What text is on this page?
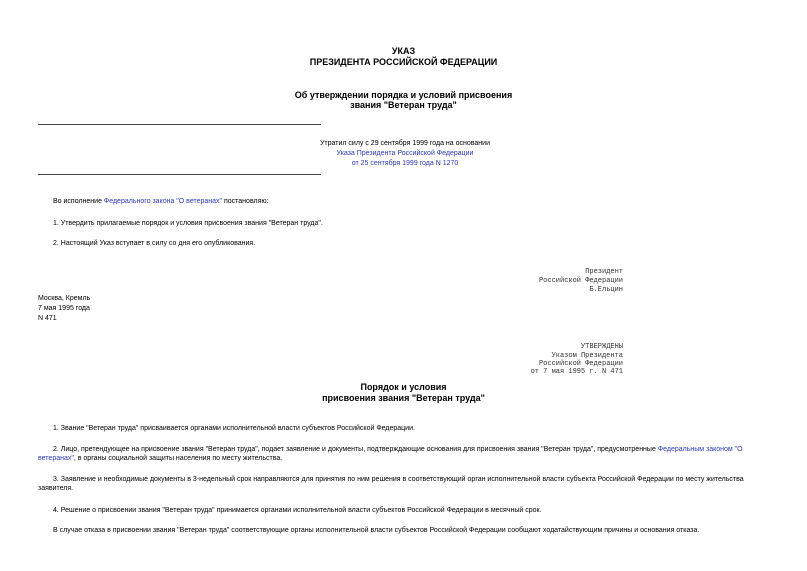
УКАЗ
ПРЕЗИДЕНТА РОССИЙСКОЙ ФЕДЕРАЦИИ
Об утверждении порядка и условий присвоения
звания "Ветеран труда"
Утратил силу с 29 сентября 1999 года на основании
Указа Президента Российской Федерации
от 25 сентября 1999 года N 1270
Во исполнение Федерального закона "О ветеранах" постановляю:
1. Утвердить прилагаемые порядок и условия присвоения звания "Ветеран труда".
2. Настоящий Указ вступает в силу со дня его опубликования.
Президент
Российской Федерации
Б.Ельцин
Москва, Кремль
7 мая 1995 года
N 471
УТВЕРЖДЕНЫ
Указом Президента
Российской Федерации
от 7 мая 1995 г. N 471
Порядок и условия
присвоения звания "Ветеран труда"
1. Звание "Ветеран труда" присваивается органами исполнительной власти субъектов Российской Федерации.
2. Лицо, претендующее на присвоение звания "Ветеран труда", подает заявление и документы, подтверждающие основания для присвоения звания "Ветеран труда", предусмотренные Федеральным законом "О ветеранах", в органы социальной защиты населения по месту жительства.
3. Заявление и необходимые документы в 3-недельный срок направляются для принятия по ним решения в соответствующий орган исполнительной власти субъекта Российской Федерации по месту жительства заявителя.
4. Решение о присвоении звания "Ветеран труда" принимается органами исполнительной власти субъектов Российской Федерации в месячный срок.
В случае отказа в присвоении звания "Ветеран труда" соответствующие органы исполнительной власти субъектов Российской Федерации сообщают ходатайствующим причины и основания отказа.
